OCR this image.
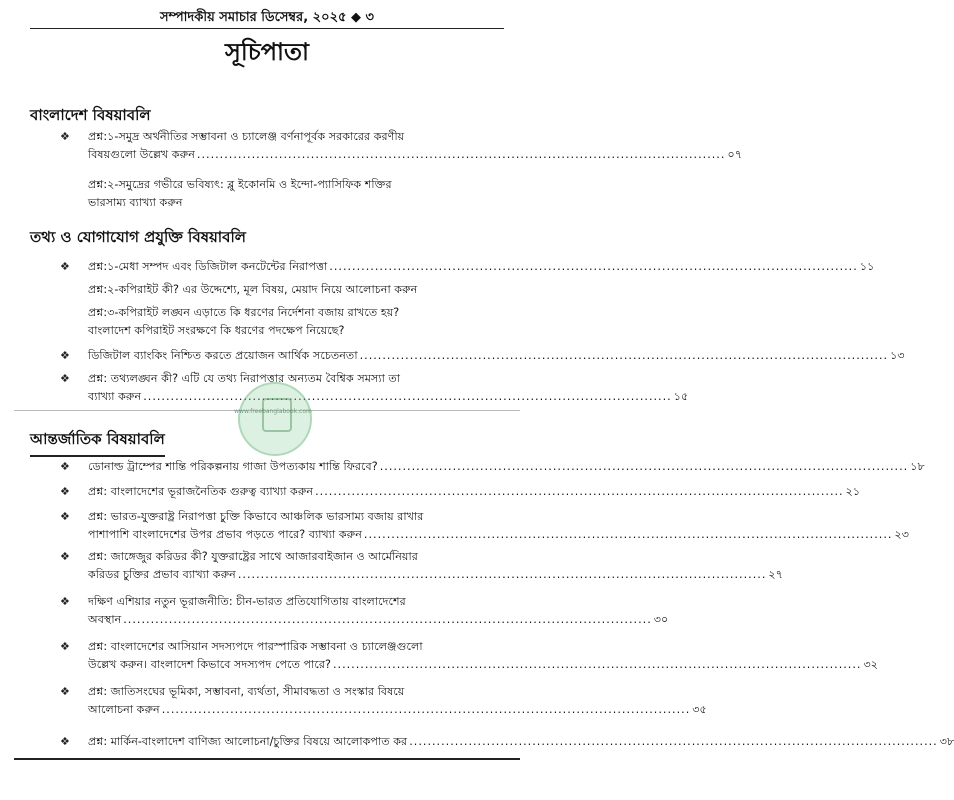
সম্পাদকীয় সমাচার ডিসেম্বর, ২০২৫ ◆ ৩
সূচিপাতা
বাংলাদেশ বিষয়াবলি
❖	প্রশ্ন:১-সমুদ্র অর্থনীতির সম্ভাবনা ও চ্যালেঞ্জ বর্ণনাপূর্বক সরকারের করণীয়
বিষয়গুলো উল্লেখ করুন .....	০৭
প্রশ্ন:২-সমুদ্রের গভীরে ভবিষ্যৎ: ব্লু ইকোনমি ও ইন্দো-প্যাসিফিক শক্তির
ভারসাম্য ব্যাখ্যা করুন
তথ্য ও যোগাযোগ প্রযুক্তি বিষয়াবলি
❖	প্রশ্ন:১-মেধা সম্পদ এবং ডিজিটাল কনটেন্টের নিরাপত্তা .....	১১
প্রশ্ন:২-কপিরাইট কী? এর উদ্দেশ্যে, মূল বিষয়, মেয়াদ নিয়ে আলোচনা করুন
প্রশ্ন:৩-কপিরাইট লঙ্ঘন এড়াতে কি ধরণের নির্দেশনা বজায় রাখতে হয়?
বাংলাদেশ কপিরাইট সংরক্ষণে কি ধরণের পদক্ষেপ নিয়েছে?
❖	ডিজিটাল ব্যাংকিং নিশ্চিত করতে প্রয়োজন আর্থিক সচেতনতা .....	১৩
❖	প্রশ্ন: তথ্যলঙ্ঘন কী? এটি যে তথ্য নিরাপত্তার অন্যতম বৈশ্বিক সমস্যা তা
ব্যাখ্যা করুন .....	১৫
আন্তর্জাতিক বিষয়াবলি
❖	ডোনাল্ড ট্রাম্পের শান্তি পরিকল্পনায় গাজা উপত্যকায় শান্তি ফিরবে? .....	১৮
❖	প্রশ্ন: বাংলাদেশের ভূরাজনৈতিক গুরুত্ব ব্যাখ্যা করুন .....	২১
❖	প্রশ্ন: ভারত-যুক্তরাষ্ট্র নিরাপত্তা চুক্তি কিভাবে আঞ্চলিক ভারসাম্য বজায় রাখার
পাশাপাশি বাংলাদেশের উপর প্রভাব পড়তে পারে? ব্যাখ্যা করুন .....	২৩
❖	প্রশ্ন: জাঙ্গেজুর করিডর কী? যুক্তরাষ্ট্রের সাথে আজারবাইজান ও আর্মেনিয়ার
করিডর চুক্তির প্রভাব ব্যাখ্যা করুন .....	২৭
❖	দক্ষিণ এশিয়ার নতুন ভূরাজনীতি: চীন-ভারত প্রতিযোগিতায় বাংলাদেশের
অবস্থান .....	৩০
❖	প্রশ্ন: বাংলাদেশের আসিয়ান সদস্যপদে পারস্পারিক সম্ভাবনা ও চ্যালেঞ্জগুলো
উল্লেখ করুন। বাংলাদেশ কিভাবে সদস্যপদ পেতে পারে? .....	৩২
❖	প্রশ্ন: জাতিসংঘের ভূমিকা, সম্ভাবনা, ব্যর্থতা, সীমাবদ্ধতা ও সংস্কার বিষয়ে
আলোচনা করুন .....	৩৫
❖	প্রশ্ন: মার্কিন-বাংলাদেশ বাণিজ্য আলোচনা/চুক্তির বিষয়ে আলোকপাত কর .....	৩৮
www.freebanglabook.com
